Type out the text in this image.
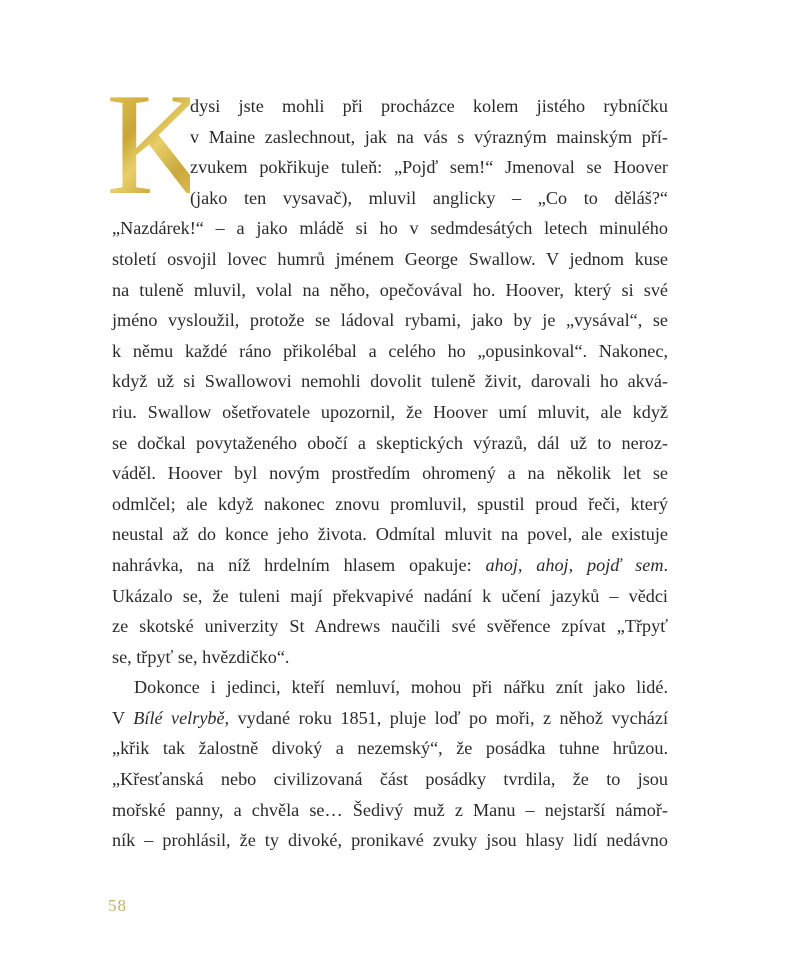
K
dysi jste mohli při procházce kolem jistého rybníčku
v Maine zaslechnout, jak na vás s výrazným mainským pří-
zvukem pokřikuje tuleň: „Pojď sem!“ Jmenoval se Hoover
(jako ten vysavač), mluvil anglicky – „Co to děláš?“
„Nazdárek!“ – a jako mládě si ho v sedmdesátých letech minulého
století osvojil lovec humrů jménem George Swallow. V jednom kuse
na tuleně mluvil, volal na něho, opečovával ho. Hoover, který si své
jméno vysloužil, protože se ládoval rybami, jako by je „vysával“, se
k němu každé ráno přikolébal a celého ho „opusinkoval“. Nakonec,
když už si Swallowovi nemohli dovolit tuleně živit, darovali ho akvá-
riu. Swallow ošetřovatele upozornil, že Hoover umí mluvit, ale když
se dočkal povytaženého obočí a skeptických výrazů, dál už to neroz-
váděl. Hoover byl novým prostředím ohromený a na několik let se
odmlčel; ale když nakonec znovu promluvil, spustil proud řeči, který
neustal až do konce jeho života. Odmítal mluvit na povel, ale existuje
nahrávka, na níž hrdelním hlasem opakuje: ahoj, ahoj, pojď sem.
Ukázalo se, že tuleni mají překvapivé nadání k učení jazyků – vědci
ze skotské univerzity St Andrews naučili své svěřence zpívat „Třpyť
se, třpyť se, hvězdičko“.
Dokonce i jedinci, kteří nemluví, mohou při nářku znít jako lidé.
V Bílé velrybě, vydané roku 1851, pluje loď po moři, z něhož vychází
„křik tak žalostně divoký a nezemský“, že posádka tuhne hrůzou.
„Křesťanská nebo civilizovaná část posádky tvrdila, že to jsou
mořské panny, a chvěla se… Šedivý muž z Manu – nejstarší námoř-
ník – prohlásil, že ty divoké, pronikavé zvuky jsou hlasy lidí nedávno
58
